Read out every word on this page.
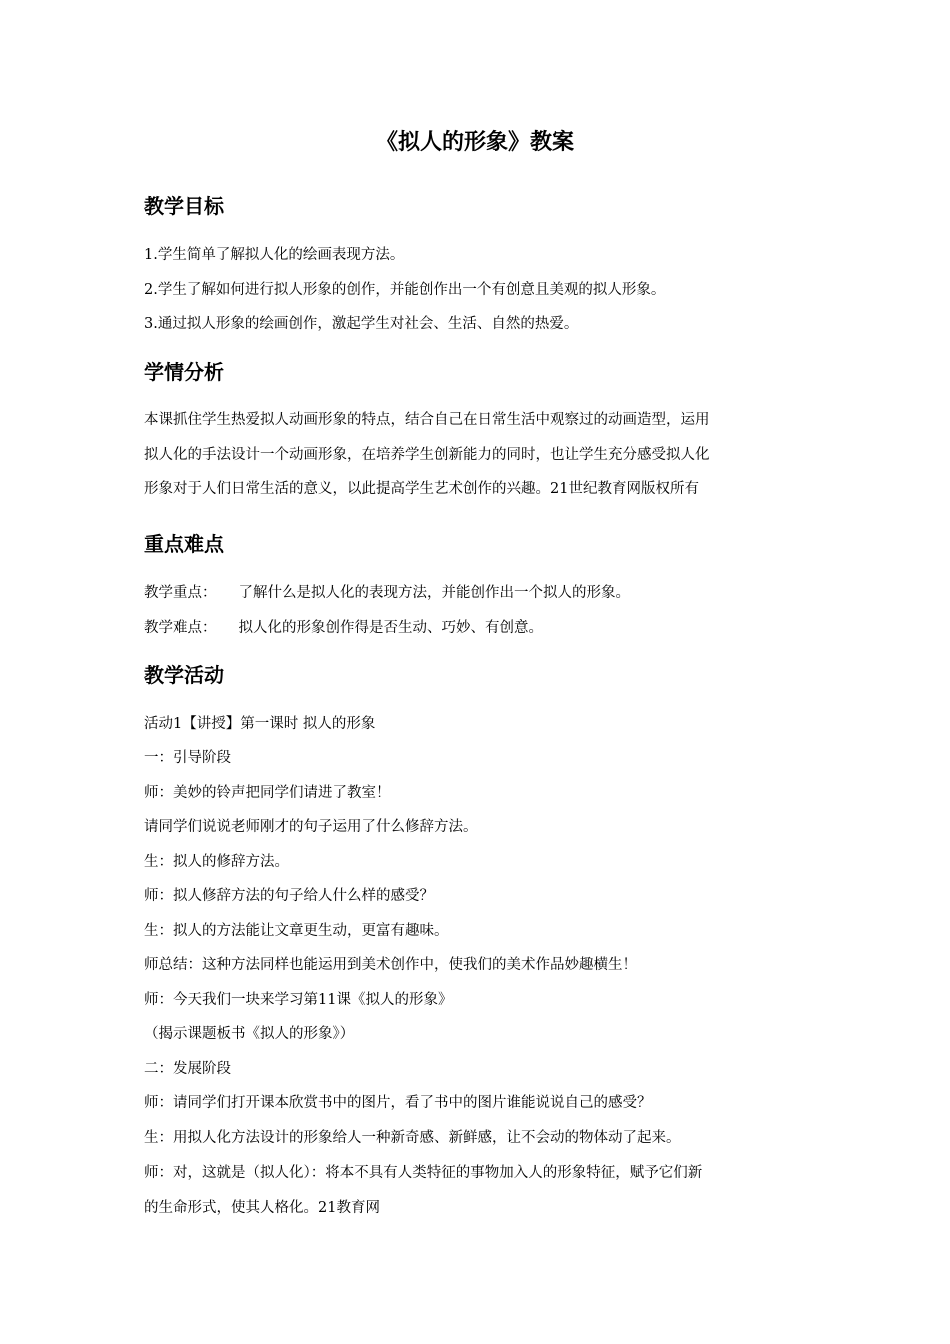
《拟人的形象》教案
教学目标

1.学生简单了解拟人化的绘画表现方法。

2.学生了解如何进行拟人形象的创作，并能创作出一个有创意且美观的拟人形象。

3.通过拟人形象的绘画创作，激起学生对社会、生活、自然的热爱。

学情分析
本课抓住学生热爱拟人动画形象的特点，结合自己在日常生活中观察过的动画造型，运用
拟人化的手法设计一个动画形象，在培养学生创新能力的同时，也让学生充分感受拟人化
形象对于人们日常生活的意义，以此提高学生艺术创作的兴趣。21世纪教育网版权所有
重点难点

教学重点： 了解什么是拟人化的表现方法，并能创作出一个拟人的形象。

教学难点： 拟人化的形象创作得是否生动、巧妙、有创意。

教学活动

活动1【讲授】第一课时 拟人的形象

一：引导阶段

师：美妙的铃声把同学们请进了教室！

请同学们说说老师刚才的句子运用了什么修辞方法。

生：拟人的修辞方法。

师：拟人修辞方法的句子给人什么样的感受？

生：拟人的方法能让文章更生动，更富有趣味。

师总结：这种方法同样也能运用到美术创作中，使我们的美术作品妙趣横生！

师：今天我们一块来学习第11课《拟人的形象》

（揭示课题板书《拟人的形象》）

二：发展阶段

师：请同学们打开课本欣赏书中的图片，看了书中的图片谁能说说自己的感受？

生：用拟人化方法设计的形象给人一种新奇感、新鲜感，让不会动的物体动了起来。

师：对，这就是（拟人化）：将本不具有人类特征的事物加入人的形象特征，赋予它们新
的生命形式，使其人格化。21教育网
